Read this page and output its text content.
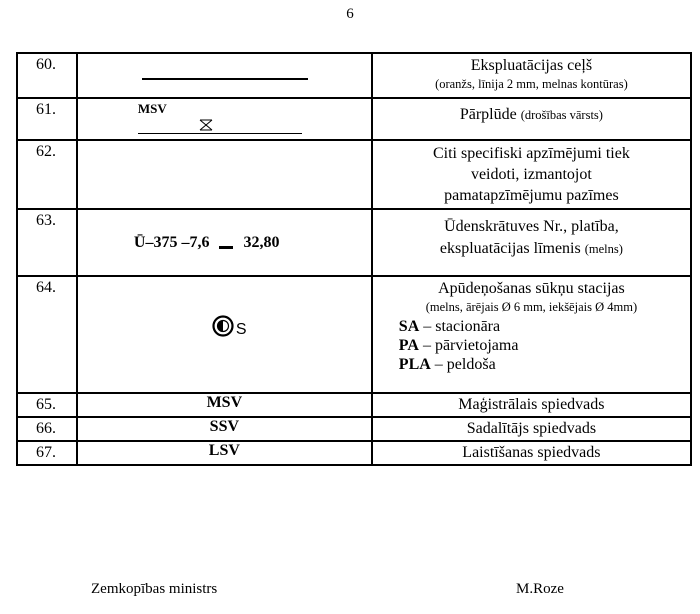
6
60.		Ekspluatācijas ceļš
(oranžs, līnija 2 mm, melnas kontūras)

61.	MSV	Pārplūde (drošības vārsts)
62.		Citi specifiski apzīmējumi tiek
veidoti, izmantojot
pamatapzīmējumu pazīmes

63.	Ū–375 –7,6 32,80	Ūdenskrātuves Nr., platība,
ekspluatācijas līmenis (melns)

64.	S	Apūdeņošanas sūkņu stacijas
(melns, ārējais Ø 6 mm, iekšējais Ø 4mm)
SA – stacionāra
PA – pārvietojama
PLA – peldoša

65.	MSV	Maģistrālais spiedvads
66.	SSV	Sadalītājs spiedvads
67.	LSV	Laistīšanas spiedvads
Zemkopības ministrs	M.Roze
